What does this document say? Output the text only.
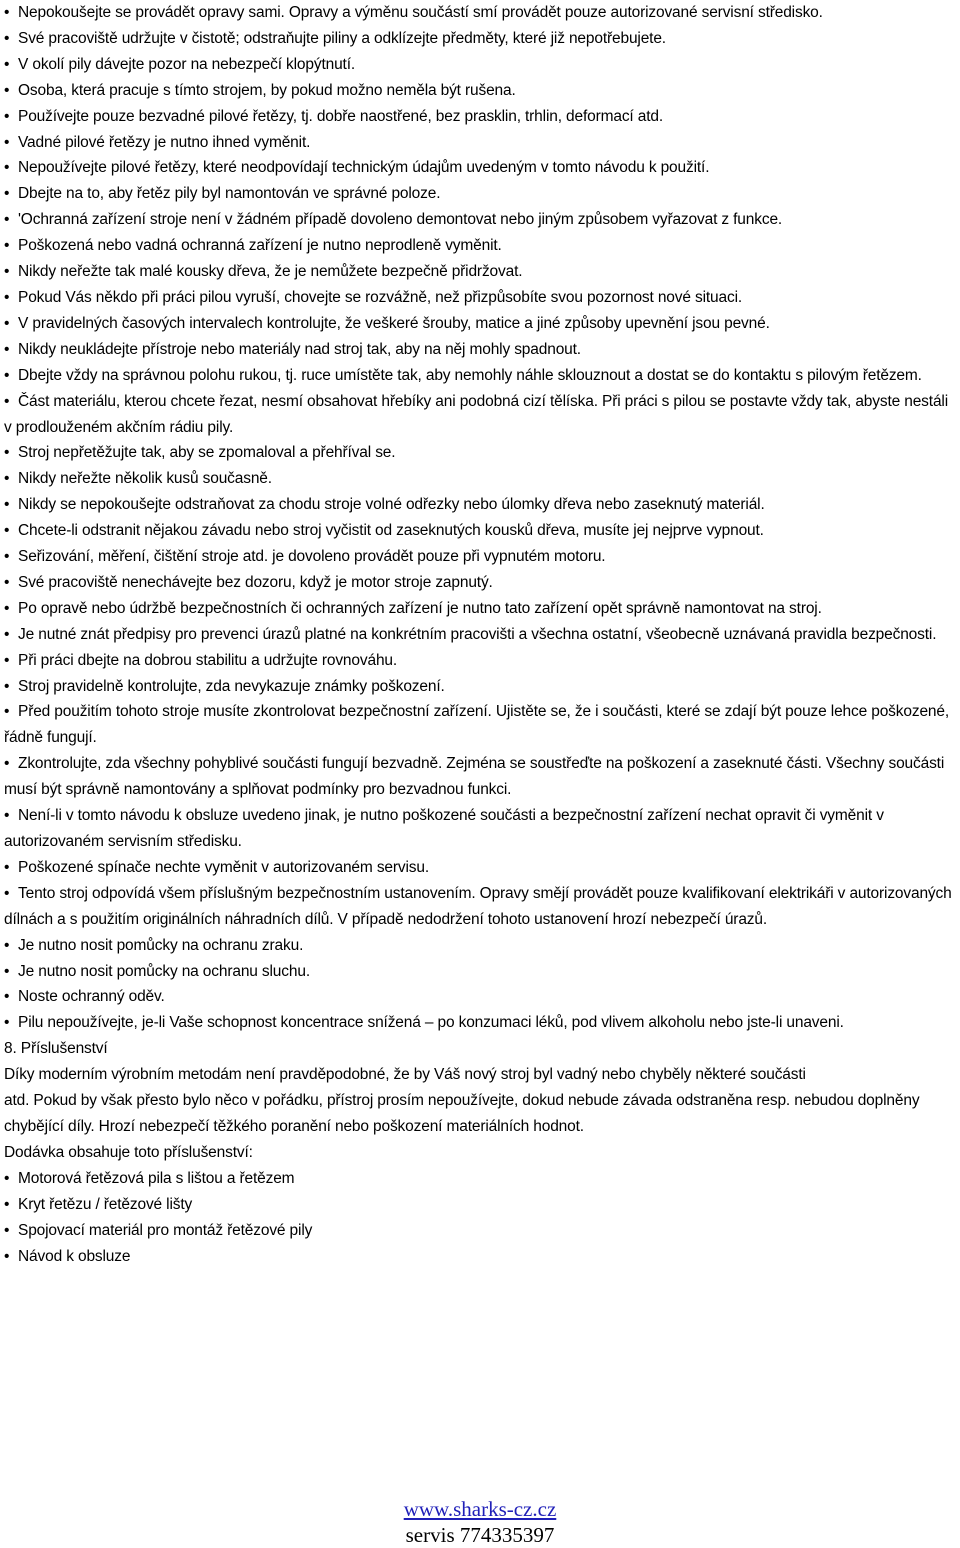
• Nepokoušejte se provádět opravy sami. Opravy a výměnu součástí smí provádět pouze autorizované servisní středisko.

• Své pracoviště udržujte v čistotě; odstraňujte piliny a odklízejte předměty, které již nepotřebujete.

• V okolí pily dávejte pozor na nebezpečí klopýtnutí.

• Osoba, která pracuje s tímto strojem, by pokud možno neměla být rušena.

• Používejte pouze bezvadné pilové řetězy, tj. dobře naostřené, bez prasklin, trhlin, deformací atd.

• Vadné pilové řetězy je nutno ihned vyměnit.

• Nepoužívejte pilové řetězy, které neodpovídají technickým údajům uvedeným v tomto návodu k použití.

• Dbejte na to, aby řetěz pily byl namontován ve správné poloze.

• 'Ochranná zařízení stroje není v žádném případě dovoleno demontovat nebo jiným způsobem vyřazovat z funkce.

• Poškozená nebo vadná ochranná zařízení je nutno neprodleně vyměnit.

• Nikdy neřežte tak malé kousky dřeva, že je nemůžete bezpečně přidržovat.

• Pokud Vás někdo při práci pilou vyruší, chovejte se rozvážně, než přizpůsobíte svou pozornost nové situaci.

• V pravidelných časových intervalech kontrolujte, že veškeré šrouby, matice a jiné způsoby upevnění jsou pevné.

• Nikdy neukládejte přístroje nebo materiály nad stroj tak, aby na něj mohly spadnout.

• Dbejte vždy na správnou polohu rukou, tj. ruce umístěte tak, aby nemohly náhle sklouznout a dostat se do kontaktu s pilovým řetězem.

• Část materiálu, kterou chcete řezat, nesmí obsahovat hřebíky ani podobná cizí tělíska. Při práci s pilou se postavte vždy tak, abyste nestáli v prodlouženém akčním rádiu pily.

• Stroj nepřetěžujte tak, aby se zpomaloval a přehříval se.

• Nikdy neřežte několik kusů současně.

• Nikdy se nepokoušejte odstraňovat za chodu stroje volné odřezky nebo úlomky dřeva nebo zaseknutý materiál.

• Chcete-li odstranit nějakou závadu nebo stroj vyčistit od zaseknutých kousků dřeva, musíte jej nejprve vypnout.

• Seřizování, měření, čištění stroje atd. je dovoleno provádět pouze při vypnutém motoru.

• Své pracoviště nenechávejte bez dozoru, když je motor stroje zapnutý.

• Po opravě nebo údržbě bezpečnostních či ochranných zařízení je nutno tato zařízení opět správně namontovat na stroj.

• Je nutné znát předpisy pro prevenci úrazů platné na konkrétním pracovišti a všechna ostatní, všeobecně uznávaná pravidla bezpečnosti.

• Při práci dbejte na dobrou stabilitu a udržujte rovnováhu.

• Stroj pravidelně kontrolujte, zda nevykazuje známky poškození.

• Před použitím tohoto stroje musíte zkontrolovat bezpečnostní zařízení. Ujistěte se, že i součásti, které se zdají být pouze lehce poškozené, řádně fungují.

• Zkontrolujte, zda všechny pohyblivé součásti fungují bezvadně. Zejména se soustřeďte na poškození a zaseknuté části. Všechny součásti musí být správně namontovány a splňovat podmínky pro bezvadnou funkci.

• Není-li v tomto návodu k obsluze uvedeno jinak, je nutno poškozené součásti a bezpečnostní zařízení nechat opravit či vyměnit v autorizovaném servisním středisku.

• Poškozené spínače nechte vyměnit v autorizovaném servisu.

• Tento stroj odpovídá všem příslušným bezpečnostním ustanovením. Opravy smějí provádět pouze kvalifikovaní elektrikáři v autorizovaných dílnách a s použitím originálních náhradních dílů. V případě nedodržení tohoto ustanovení hrozí nebezpečí úrazů.

• Je nutno nosit pomůcky na ochranu zraku.

• Je nutno nosit pomůcky na ochranu sluchu.

• Noste ochranný oděv.

• Pilu nepoužívejte, je-li Vaše schopnost koncentrace snížená – po konzumaci léků, pod vlivem alkoholu nebo jste-li unaveni.

8. Příslušenství

Díky moderním výrobním metodám není pravděpodobné, že by Váš nový stroj byl vadný nebo chyběly některé součásti

atd. Pokud by však přesto bylo něco v pořádku, přístroj prosím nepoužívejte, dokud nebude závada odstraněna resp. nebudou doplněny chybějící díly. Hrozí nebezpečí těžkého poranění nebo poškození materiálních hodnot.

Dodávka obsahuje toto příslušenství:

• Motorová řetězová pila s lištou a řetězem

• Kryt řetězu / řetězové lišty

• Spojovací materiál pro montáž řetězové pily

• Návod k obsluze

www.sharks-cz.cz
servis 774335397
